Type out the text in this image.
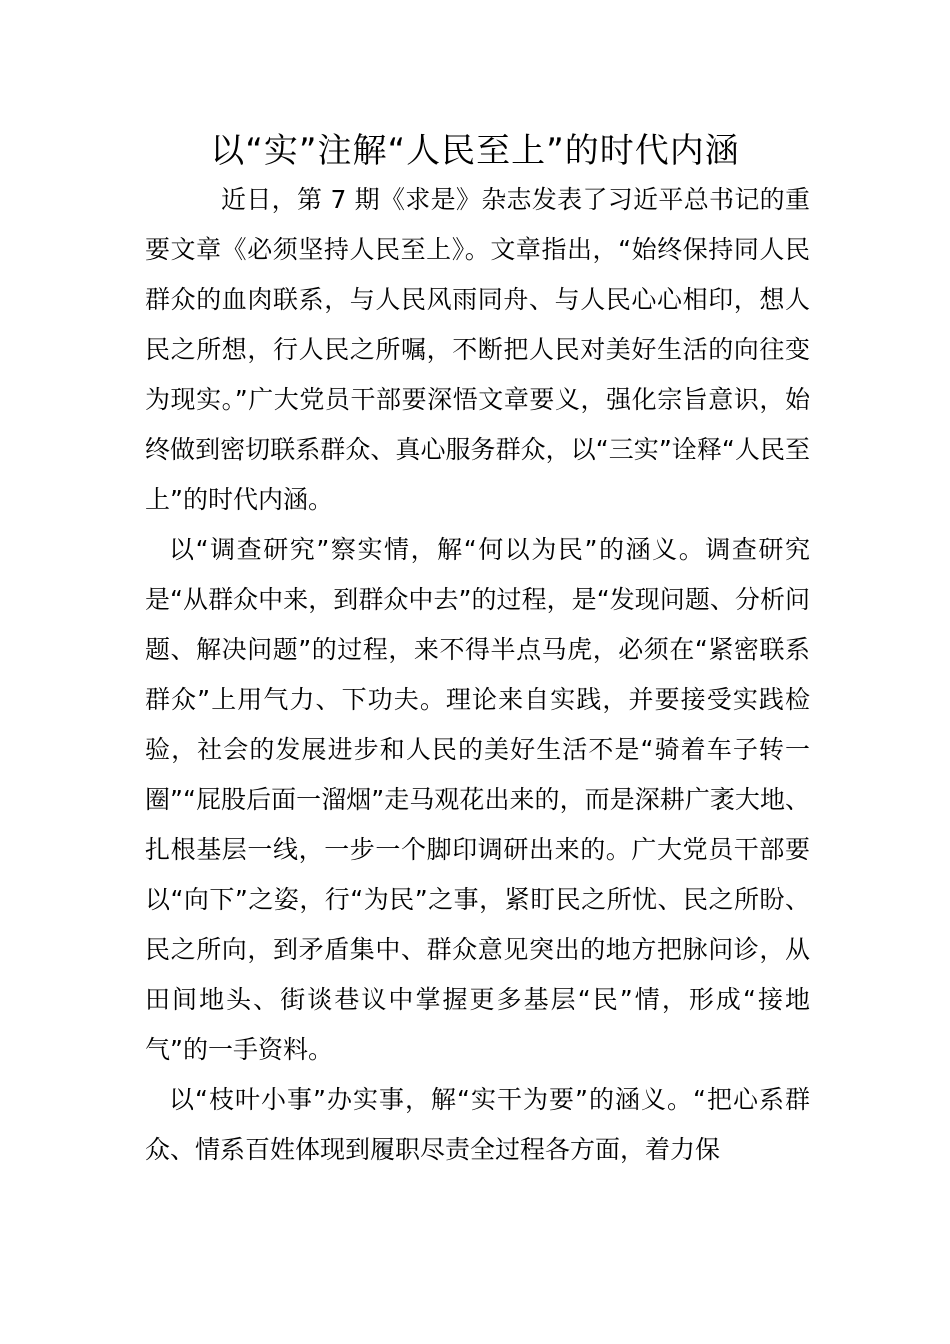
以“实”注解“人民至上”的时代内涵

近日，第 7 期《求是》杂志发表了习近平总书记的重要文章《必须坚持人民至上》。文章指出，“始终保持同人民群众的血肉联系，与人民风雨同舟、与人民心心相印，想人民之所想，行人民之所嘱，不断把人民对美好生活的向往变为现实。”广大党员干部要深悟文章要义，强化宗旨意识，始终做到密切联系群众、真心服务群众，以“三实”诠释“人民至上”的时代内涵。

以“调查研究”察实情，解“何以为民”的涵义。调查研究是“从群众中来，到群众中去”的过程，是“发现问题、分析问题、解决问题”的过程，来不得半点马虎，必须在“紧密联系群众”上用气力、下功夫。理论来自实践，并要接受实践检验，社会的发展进步和人民的美好生活不是“骑着车子转一圈”“屁股后面一溜烟”走马观花出来的，而是深耕广袤大地、扎根基层一线，一步一个脚印调研出来的。广大党员干部要以“向下”之姿，行“为民”之事，紧盯民之所忧、民之所盼、民之所向，到矛盾集中、群众意见突出的地方把脉问诊，从田间地头、街谈巷议中掌握更多基层“民”情，形成“接地气”的一手资料。

以“枝叶小事”办实事，解“实干为要”的涵义。“把心系群众、情系百姓体现到履职尽责全过程各方面，着力保
